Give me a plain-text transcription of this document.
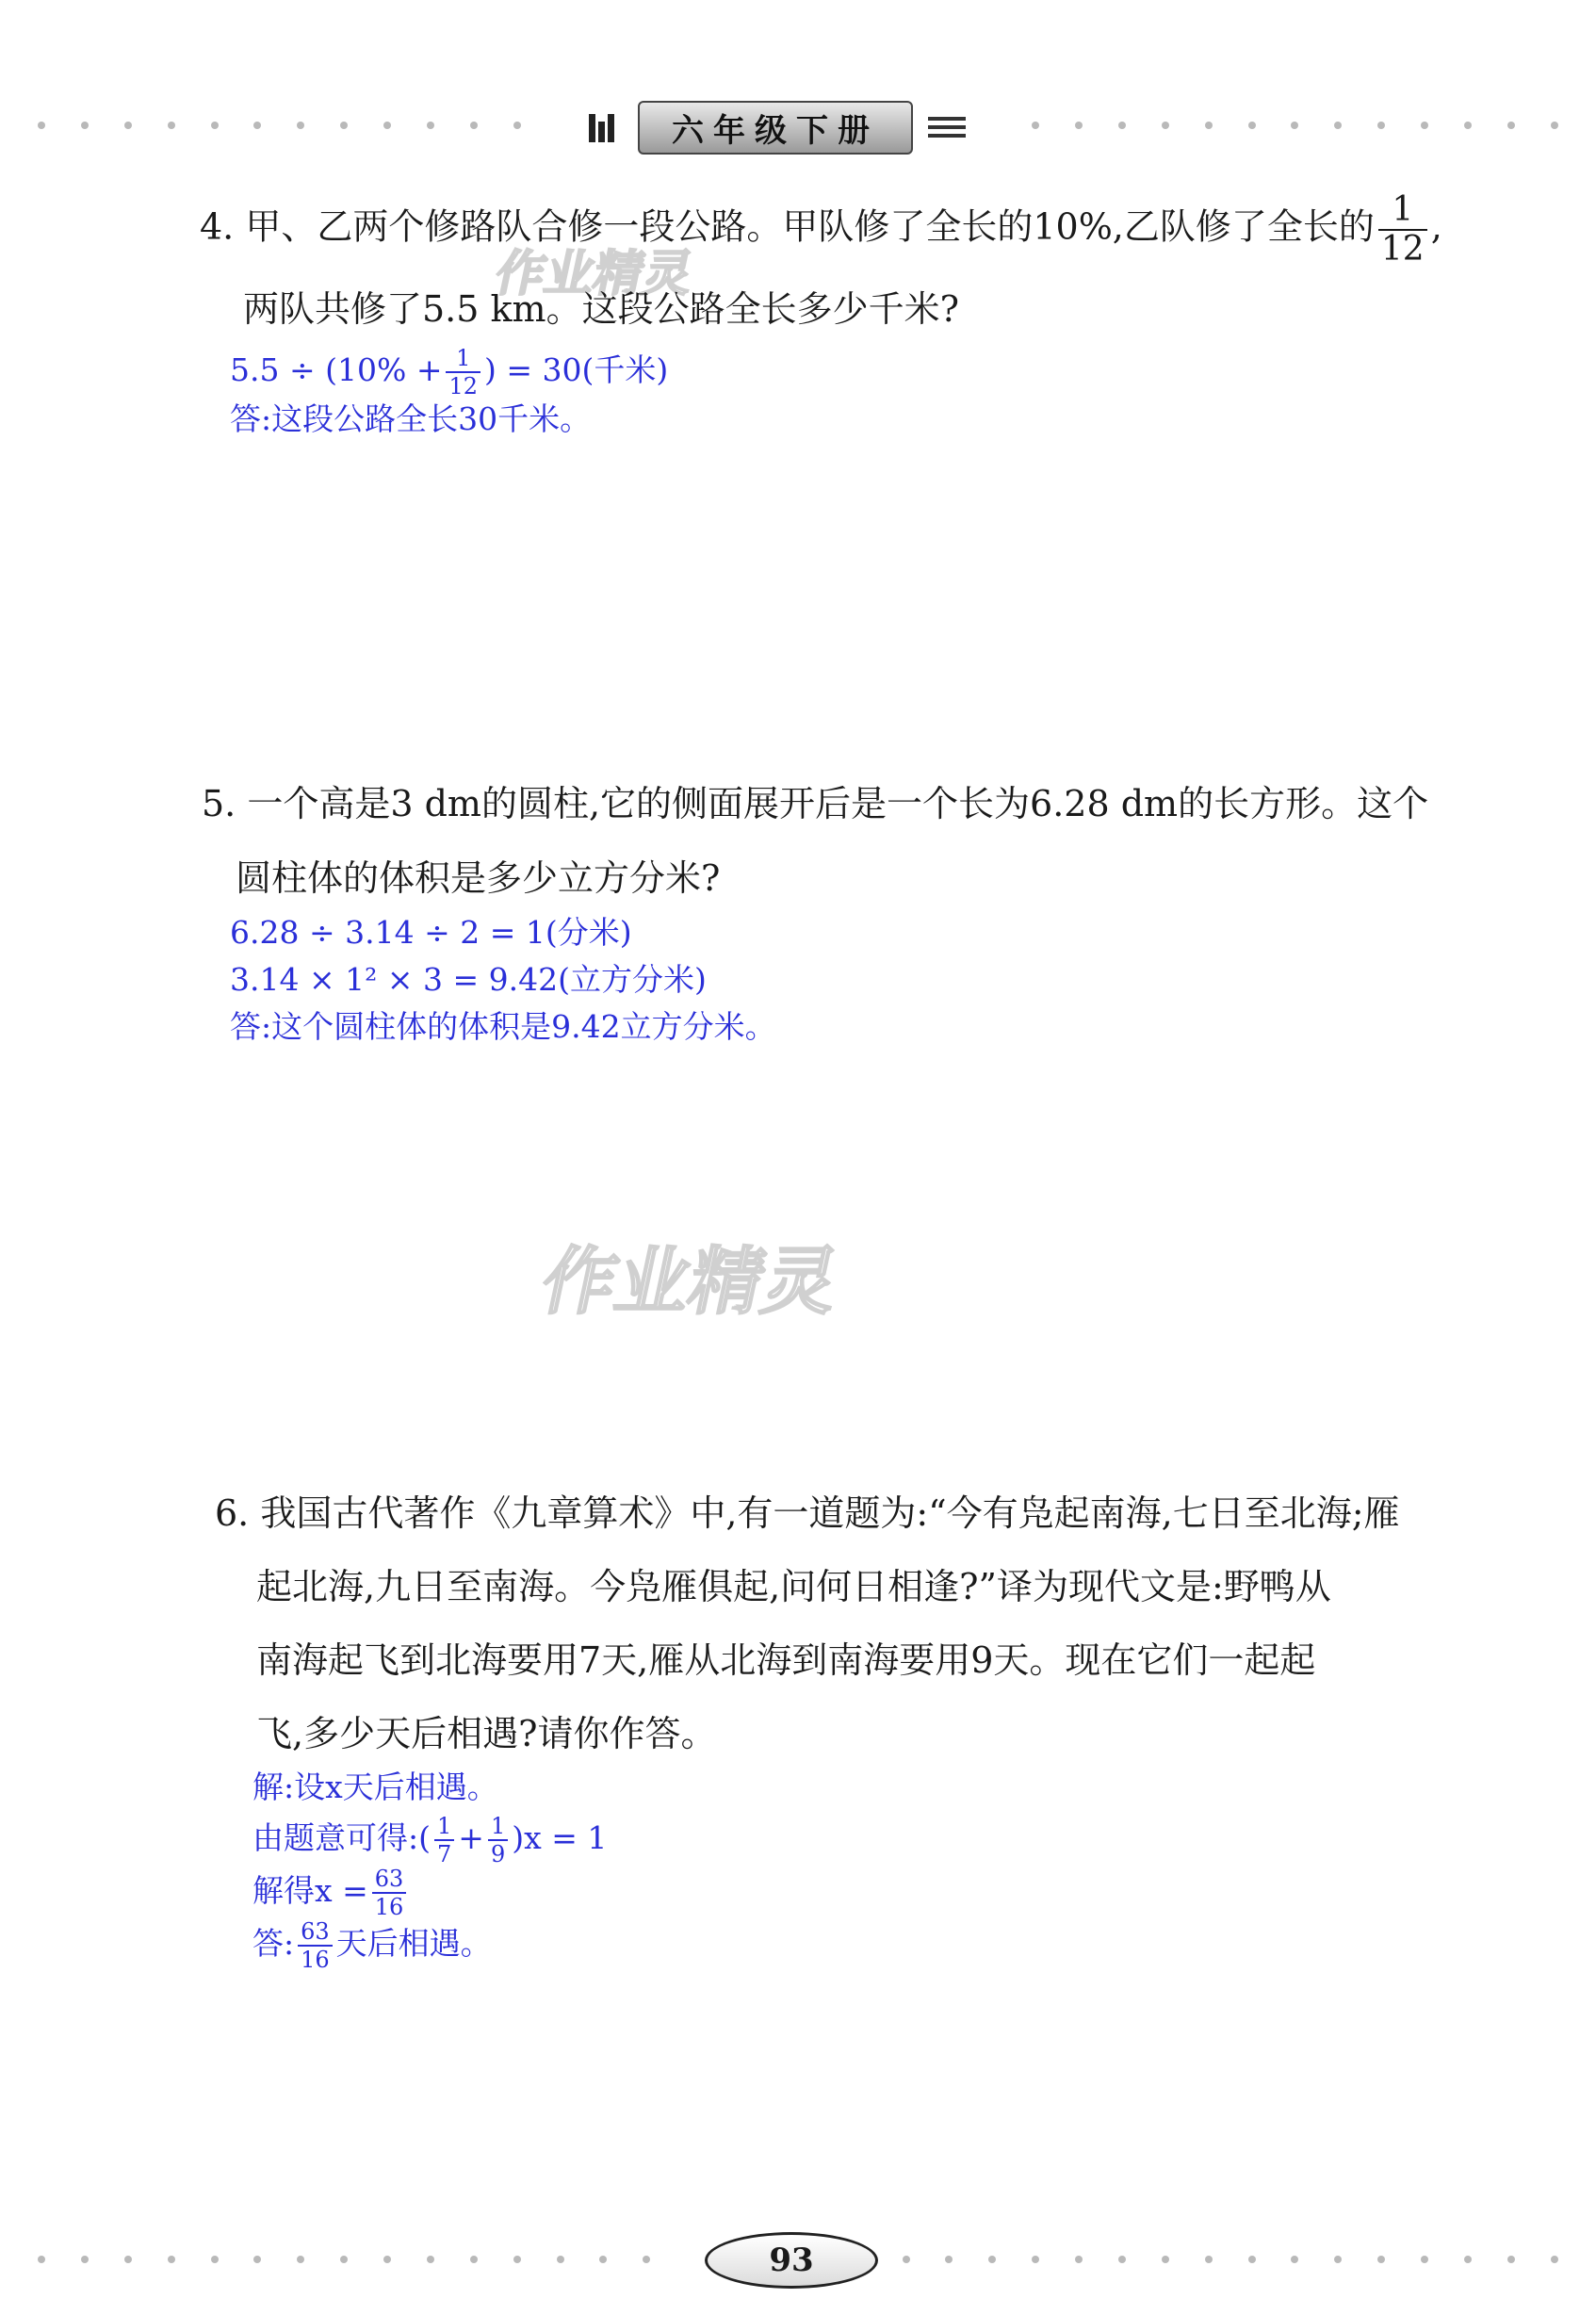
六年级下册
作业精灵
作业精灵
4. 甲、乙两个修路队合修一段公路。甲队修了全长的10%,乙队修了全长的 $\frac{1}{12}$ ,
两队共修了5.5 km。这段公路全长多少千米?
$5.5 \div (10\% + \frac{1}{12}$ ) = 30(千米)
答:这段公路全长30千米。
5. 一个高是3 dm的圆柱,它的侧面展开后是一个长为6.28 dm的长方形。这个
圆柱体的体积是多少立方分米?
6.28 ÷ 3.14 ÷ 2 = 1(分米)
3.14 × 1² × 3 = 9.42(立方分米)
答:这个圆柱体的体积是9.42立方分米。
6. 我国古代著作《九章算术》中,有一道题为:“今有凫起南海,七日至北海;雁
起北海,九日至南海。今凫雁俱起,问何日相逢?”译为现代文是:野鸭从
南海起飞到北海要用7天,雁从北海到南海要用9天。现在它们一起起
飞,多少天后相遇?请你作答。
解:设x天后相遇。
由题意可得:( $\frac{1}{7} + \frac{1}{9} )x = 1$
解得$x = \frac{63}{16}$
答: $\frac{63}{16}$ 天后相遇。
93
